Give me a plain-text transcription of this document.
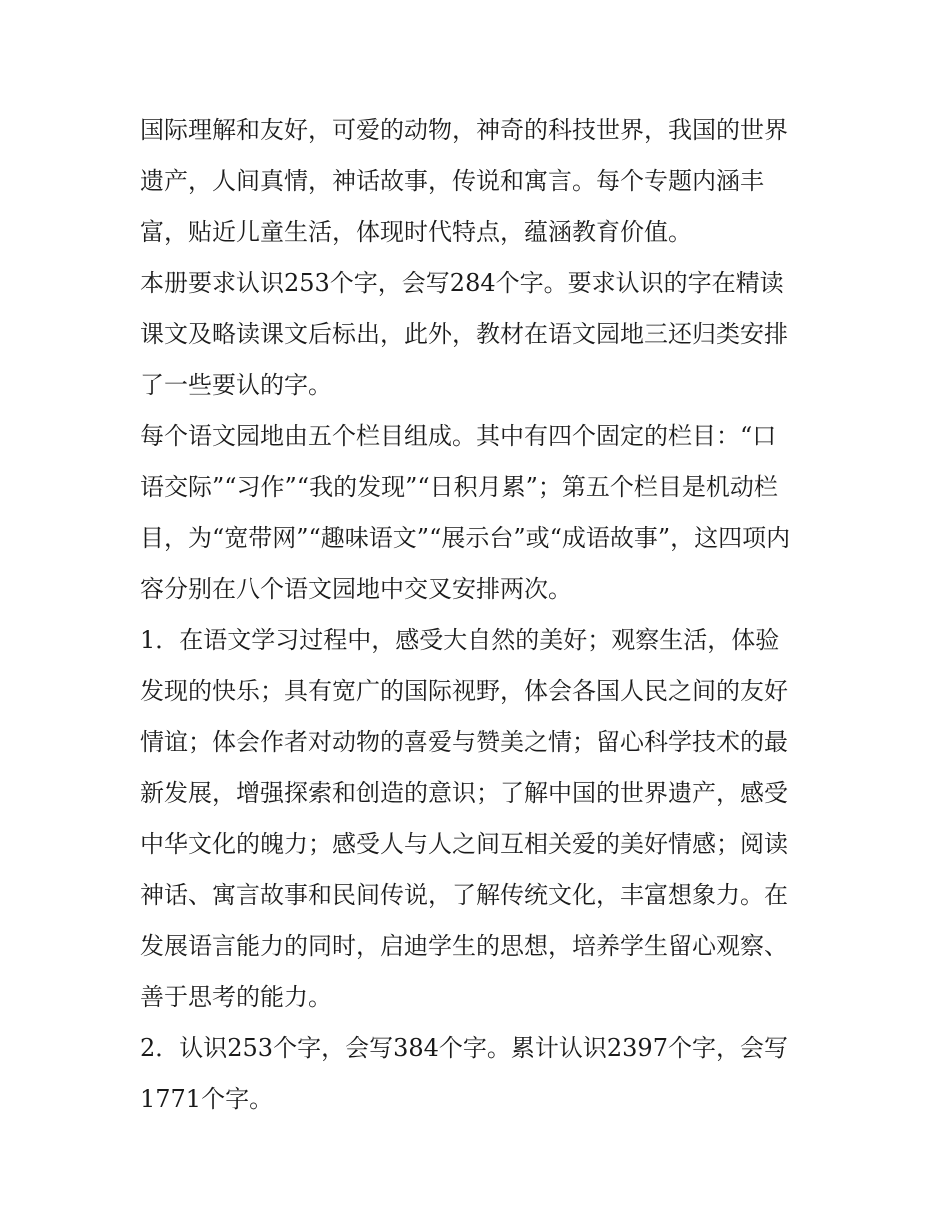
国际理解和友好，可爱的动物，神奇的科技世界，我国的世界
遗产，人间真情，神话故事，传说和寓言。每个专题内涵丰
富，贴近儿童生活，体现时代特点，蕴涵教育价值。
本册要求认识253个字，会写284个字。要求认识的字在精读
课文及略读课文后标出，此外，教材在语文园地三还归类安排
了一些要认的字。
每个语文园地由五个栏目组成。其中有四个固定的栏目：“口
语交际”“习作”“我的发现”“日积月累”；第五个栏目是机动栏
目，为“宽带网”“趣味语文”“展示台”或“成语故事”，这四项内
容分别在八个语文园地中交叉安排两次。
1．在语文学习过程中，感受大自然的美好；观察生活，体验
发现的快乐；具有宽广的国际视野，体会各国人民之间的友好
情谊；体会作者对动物的喜爱与赞美之情；留心科学技术的最
新发展，增强探索和创造的意识；了解中国的世界遗产，感受
中华文化的魄力；感受人与人之间互相关爱的美好情感；阅读
神话、寓言故事和民间传说，了解传统文化，丰富想象力。在
发展语言能力的同时，启迪学生的思想，培养学生留心观察、
善于思考的能力。
2．认识253个字，会写384个字。累计认识2397个字，会写
1771个字。
